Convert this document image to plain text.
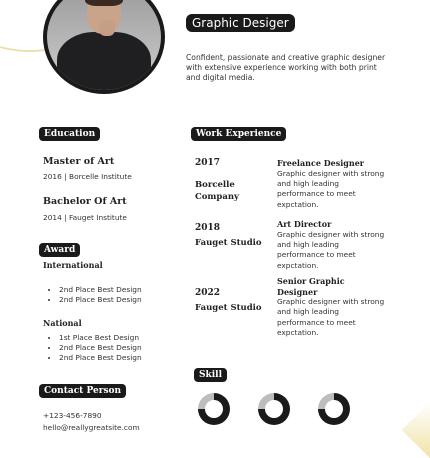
Graphic Desiger
Confident, passionate and creative graphic designer with extensive experience working with both print and digital media.
Education
Master of Art
2016 | Borcelle Institute
Bachelor Of Art
2014 | Fauget Institute
Award
International
• 2nd Place Best Design
• 2nd Place Best Design
National
• 1st Place Best Design
• 2nd Place Best Design
• 2nd Place Best Design
Contact Person
+123-456-7890
hello@reallygreatsite.com
Work Experience
2017
Borcelle Company
Freelance Designer
Graphic designer with strong and high leading performance to meet expctation.
2018
Fauget Studio
Art Director
Graphic designer with strong and high leading performance to meet expctation.
2022
Fauget Studio
Senior Graphic Designer
Graphic designer with strong and high leading performance to meet expctation.
Skill
